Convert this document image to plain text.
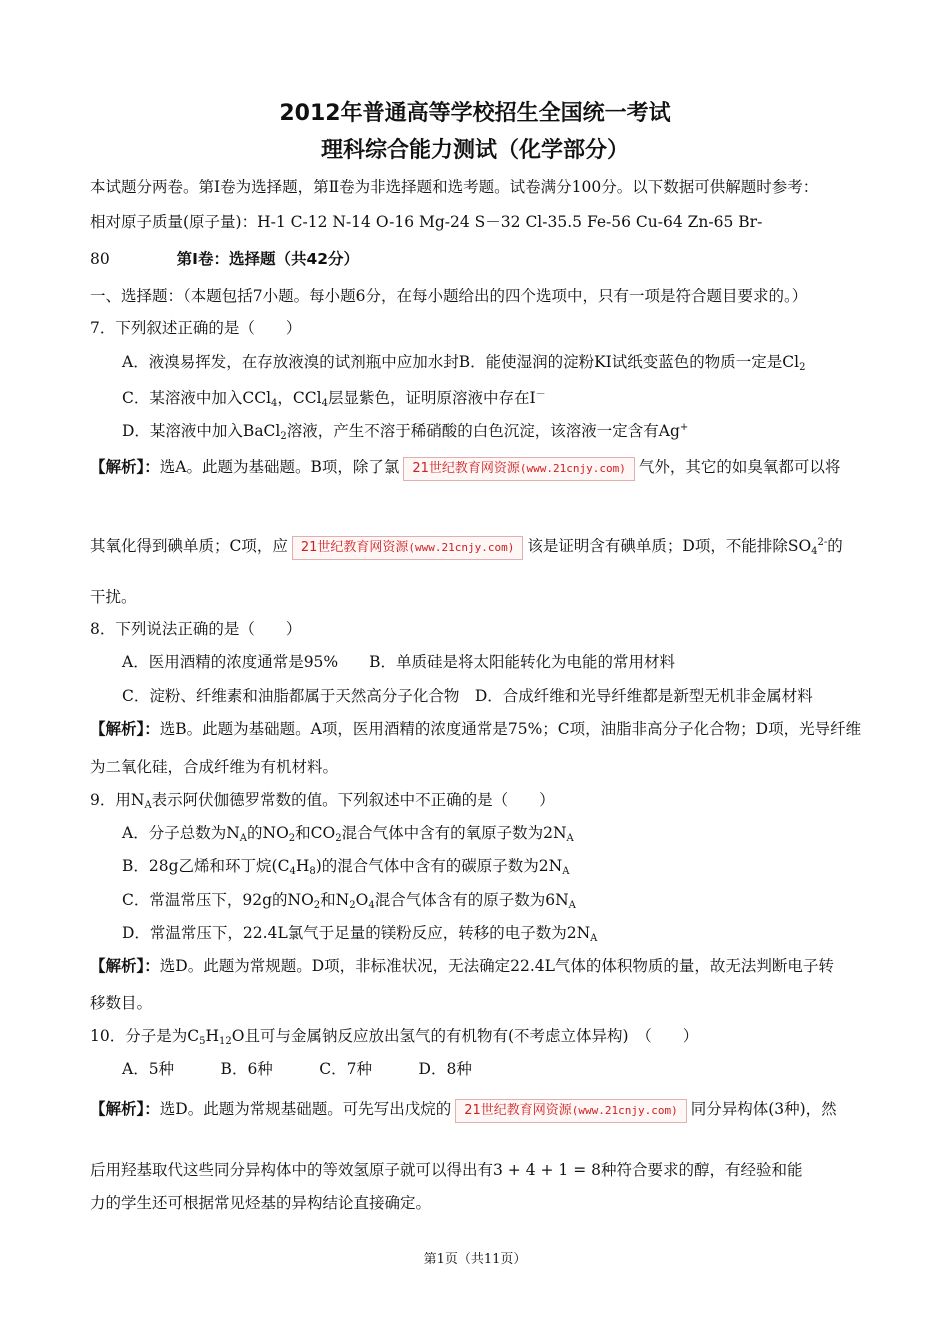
2012年普通高等学校招生全国统一考试
理科综合能力测试（化学部分）
本试题分两卷。第Ⅰ卷为选择题，第Ⅱ卷为非选择题和选考题。试卷满分100分。以下数据可供解题时参考：
相对原子质量(原子量)：H-1 C-12 N-14 O-16 Mg-24 S－32 Cl-35.5 Fe-56 Cu-64 Zn-65 Br-
80	第Ⅰ卷：选择题（共42分）
一、选择题：（本题包括7小题。每小题6分，在每小题给出的四个选项中，只有一项是符合题目要求的。）
7．下列叙述正确的是（　　）
A．液溴易挥发，在存放液溴的试剂瓶中应加水封B．能使湿润的淀粉KI试纸变蓝色的物质一定是$Cl_2$
C．某溶液中加入CCl$_4$，CCl$_4$层显紫色，证明原溶液中存在I－
D．某溶液中加入BaCl$_2$溶液，产生不溶于稀硝酸的白色沉淀，该溶液一定含有Ag+
【解析】：选A。此题为基础题。B项，除了氯 21世纪教育网资源(www.21cnjy.com) 气外，其它的如臭氧都可以将
其氧化得到碘单质；C项，应 21世纪教育网资源(www.21cnjy.com) 该是证明含有碘单质；D项，不能排除$SO_4^{2-}$的
干扰。
8．下列说法正确的是（　　）
A．医用酒精的浓度通常是95%　　B．单质硅是将太阳能转化为电能的常用材料
C．淀粉、纤维素和油脂都属于天然高分子化合物　D．合成纤维和光导纤维都是新型无机非金属材料
【解析】：选B。此题为基础题。A项，医用酒精的浓度通常是75%；C项，油脂非高分子化合物；D项，光导纤维
为二氧化硅，合成纤维为有机材料。
9．用$N_A$表示阿伏伽德罗常数的值。下列叙述中不正确的是（　　）
A．分子总数为$N_A$的$NO_2$和$CO_2$混合气体中含有的氧原子数为$2N_A$
B．28g乙烯和环丁烷$(C_4H_8)$的混合气体中含有的碳原子数为$2N_A$
C．常温常压下，92g的$NO_2$和$N_2O_4$混合气体含有的原子数为$6N_A$
D．常温常压下，22.4L氯气于足量的镁粉反应，转移的电子数为$2N_A$
【解析】：选D。此题为常规题。D项，非标准状况，无法确定22.4L气体的体积物质的量，故无法判断电子转
移数目。
10．分子是为$C_5H_{12}O$且可与金属钠反应放出氢气的有机物有(不考虑立体异构)　（　　）
A．5种　　　B．6种　　　C．7种　　　D．8种
【解析】：选D。此题为常规基础题。可先写出戊烷的 21世纪教育网资源(www.21cnjy.com) 同分异构体(3种)，然
后用羟基取代这些同分异构体中的等效氢原子就可以得出有3 + 4 + 1 = 8种符合要求的醇，有经验和能
力的学生还可根据常见烃基的异构结论直接确定。
第1页（共11页）
